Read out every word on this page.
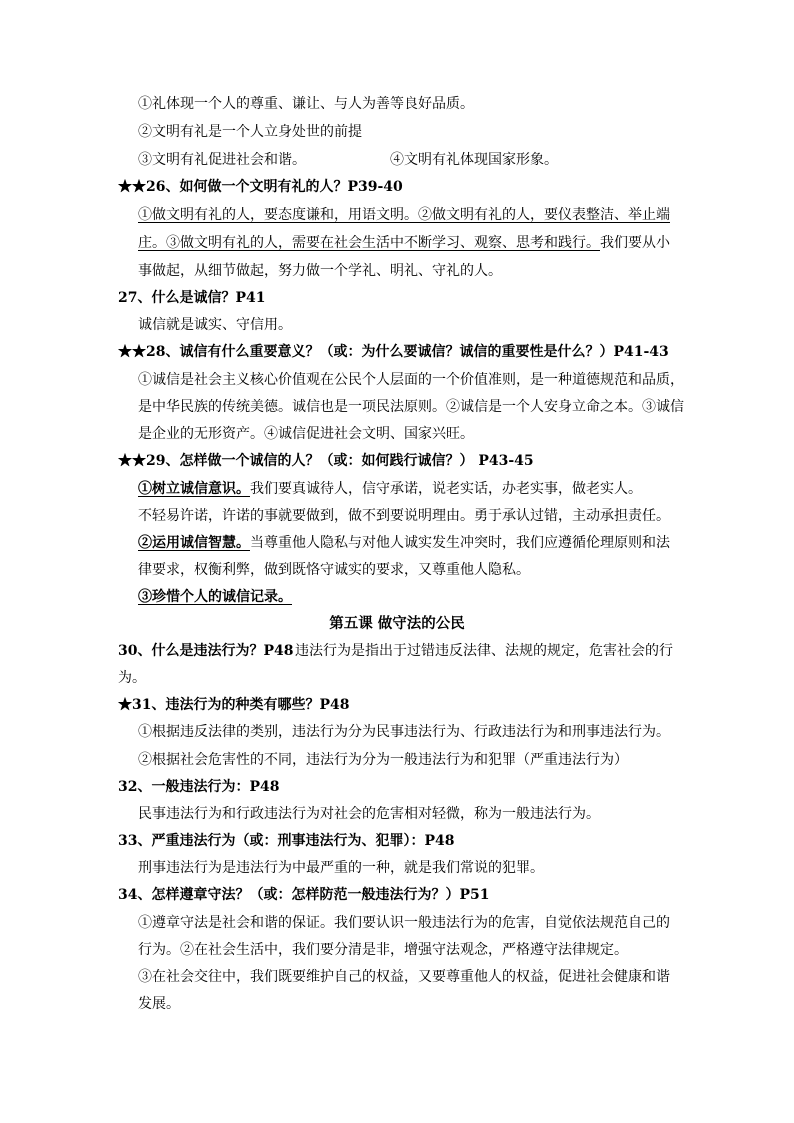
①礼体现一个人的尊重、谦让、与人为善等良好品质。
②文明有礼是一个人立身处世的前提
③文明有礼促进社会和谐。	④文明有礼体现国家形象。
★★26、如何做一个文明有礼的人？P39-40
①做文明有礼的人，要态度谦和，用语文明。②做文明有礼的人，要仪表整洁、举止端
庄。③做文明有礼的人，需要在社会生活中不断学习、观察、思考和践行。我们要从小
事做起，从细节做起，努力做一个学礼、明礼、守礼的人。
27、什么是诚信？P41
诚信就是诚实、守信用。
★★28、诚信有什么重要意义？（或：为什么要诚信？诚信的重要性是什么？）P41-43
①诚信是社会主义核心价值观在公民个人层面的一个价值准则，是一种道德规范和品质，
是中华民族的传统美德。诚信也是一项民法原则。②诚信是一个人安身立命之本。③诚信
是企业的无形资产。④诚信促进社会文明、国家兴旺。
★★29、怎样做一个诚信的人？（或：如何践行诚信？） P43-45
①树立诚信意识。我们要真诚待人，信守承诺，说老实话，办老实事，做老实人。
不轻易许诺，许诺的事就要做到，做不到要说明理由。勇于承认过错，主动承担责任。
②运用诚信智慧。当尊重他人隐私与对他人诚实发生冲突时，我们应遵循伦理原则和法
律要求，权衡利弊，做到既恪守诚实的要求，又尊重他人隐私。
③珍惜个人的诚信记录。
第五课 做守法的公民
30、什么是违法行为？P48 违法行为是指出于过错违反法律、法规的规定，危害社会的行
为。
★31、违法行为的种类有哪些？P48
①根据违反法律的类别，违法行为分为民事违法行为、行政违法行为和刑事违法行为。
②根据社会危害性的不同，违法行为分为一般违法行为和犯罪（严重违法行为）
32、一般违法行为：P48
民事违法行为和行政违法行为对社会的危害相对轻微，称为一般违法行为。
33、严重违法行为（或：刑事违法行为、犯罪）：P48
刑事违法行为是违法行为中最严重的一种，就是我们常说的犯罪。
34、怎样遵章守法？（或：怎样防范一般违法行为？）P51
①遵章守法是社会和谐的保证。我们要认识一般违法行为的危害，自觉依法规范自己的
行为。②在社会生活中，我们要分清是非，增强守法观念，严格遵守法律规定。
③在社会交往中，我们既要维护自己的权益，又要尊重他人的权益，促进社会健康和谐
发展。
